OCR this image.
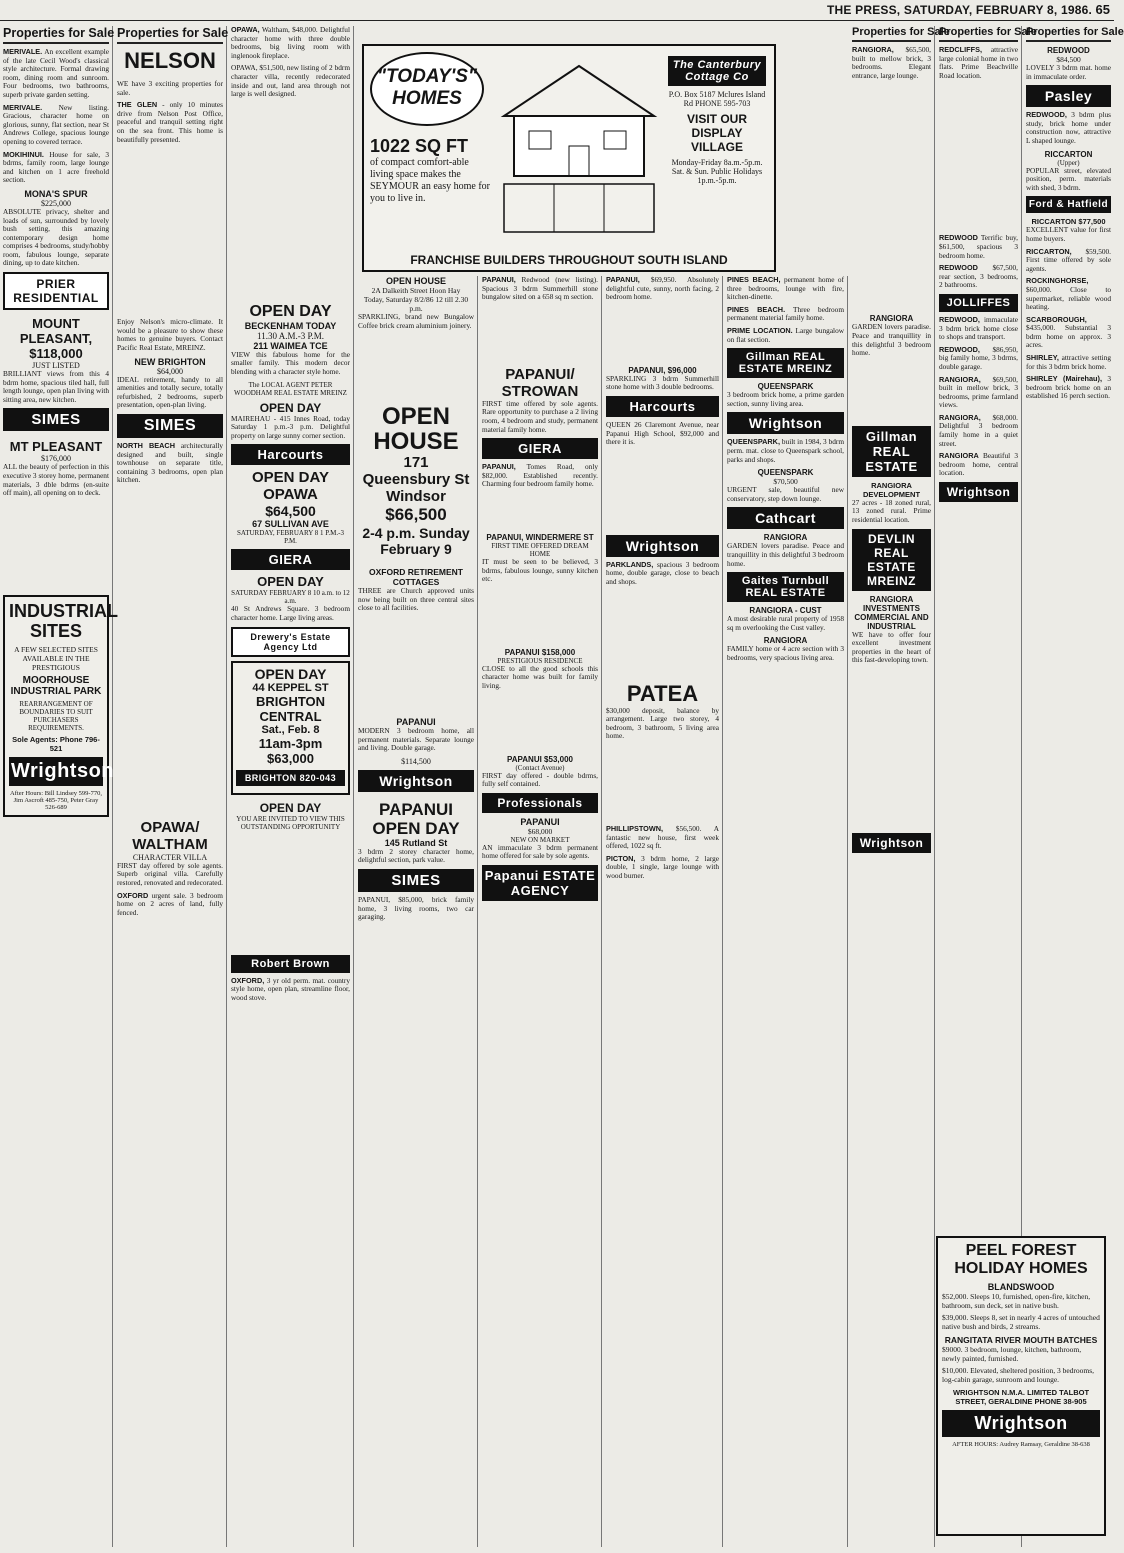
THE PRESS, SATURDAY, FEBRUARY 8, 1986. 65
Properties for Sale

MERIVALE. An excellent example of the late Cecil Wood's classical style architecture. Formal drawing room, dining room and sunroom. Four bedrooms, two bathrooms, superb private garden setting.

MERIVALE. New listing. Gracious, character home on glorious, sunny, flat section, near St Andrews College, spacious lounge opening to covered terrace.

MOKIHINUI. House for sale, 3 bdrms, family room, large lounge and kitchen on 1 acre freehold section.

MONA'S SPUR
$225,000

ABSOLUTE privacy, shelter and loads of sun, surrounded by lovely bush setting, this amazing contemporary design home comprises 4 bedrooms, study/hobby room, fabulous lounge, separate dining, up to date kitchen.

PRIER RESIDENTIAL
MOUNT PLEASANT, $118,000
JUST LISTED

BRILLIANT views from this 4 bdrm home, spacious tiled hall, full length lounge, open plan living with sitting area, new kitchen.

SIMES
MT PLEASANT
$176,000

ALL the beauty of perfection in this executive 3 storey home, permanent materials, 3 dble bdrms (en-suite off main), all opening on to deck.

INDUSTRIAL SITES
A FEW SELECTED SITES AVAILABLE IN THE PRESTIGIOUS
MOORHOUSE INDUSTRIAL PARK
REARRANGEMENT OF BOUNDARIES TO SUIT PURCHASERS REQUIREMENTS.
Sole Agents: Phone 796-521
Wrightson
After Hours: Bill Lindsey 599-770, Jim Ascroft 485-750, Peter Gray 526-689
Properties for Sale
NELSON

WE have 3 exciting properties for sale.

THE GLEN - only 10 minutes drive from Nelson Post Office, peaceful and tranquil setting right on the sea front. This home is beautifully presented.

Enjoy Nelson's micro-climate. It would be a pleasure to show these homes to genuine buyers. Contact Pacific Real Estate, MREINZ.

NEW BRIGHTON
$64,000

IDEAL retirement, handy to all amenities and totally secure, totally refurbished, 2 bedrooms, superb presentation, open-plan living.

SIMES

NORTH BEACH architecturally designed and built, single townhouse on separate title, containing 3 bedrooms, open plan kitchen.

OPAWA/ WALTHAM
CHARACTER VILLA

FIRST day offered by sole agents. Superb original villa. Carefully restored, renovated and redecorated.

OXFORD urgent sale. 3 bedroom home on 2 acres of land, fully fenced.

OPAWA, Waltham, $48,000. Delightful character home with three double bedrooms, big living room with inglenook fireplace.

OPAWA, $51,500, new listing of 2 bdrm character villa, recently redecorated inside and out, land area through not large is well designed.

OPEN DAY
BECKENHAM TODAY
11.30 A.M.-3 P.M.
211 WAIMEA TCE

VIEW this fabulous home for the smaller family. This modern decor blending with a character style home.

The LOCAL AGENT PETER WOODHAM REAL ESTATE MREINZ
OPEN DAY

MAIREHAU - 415 Innes Road, today Saturday 1 p.m.-3 p.m. Delightful property on large sunny corner section.

Harcourts
OPEN DAY OPAWA
$64,500
67 SULLIVAN AVE
SATURDAY, FEBRUARY 8 1 P.M.-3 P.M.
GIERA
OPEN DAY
SATURDAY FEBRUARY 8 10 a.m. to 12 a.m.

40 St Andrews Square. 3 bedroom character home. Large living areas.

Drewery's Estate Agency Ltd
OPEN DAY
44 KEPPEL ST
BRIGHTON CENTRAL
Sat., Feb. 8
11am-3pm
$63,000
BRIGHTON 820-043
OPEN DAY
YOU ARE INVITED TO VIEW THIS OUTSTANDING OPPORTUNITY
Robert Brown

OXFORD, 3 yr old perm. mat. country style home, open plan, streamline floor, wood stove.

"TODAY'S" HOMES
1022 SQ FT
of compact comfort-able living space makes the SEYMOUR an easy home for you to live in.
The Canterbury Cottage Co
P.O. Box 5187 Mclures Island Rd PHONE 595-703
VISIT OUR DISPLAY VILLAGE
Monday-Friday 8a.m.-5p.m. Sat. & Sun. Public Holidays 1p.m.-5p.m.
FRANCHISE BUILDERS THROUGHOUT SOUTH ISLAND
OPEN HOUSE
2A Dalkeith Street Hoon Hay
Today, Saturday 8/2/86 12 till 2.30 p.m.

SPARKLING, brand new Bungalow Coffee brick cream aluminium joinery.

OPEN HOUSE
171 Queensbury St Windsor
$66,500
2-4 p.m. Sunday
February 9
OXFORD RETIREMENT COTTAGES

THREE are Church approved units now being built on three central sites close to all facilities.

PAPANUI

MODERN 3 bedroom home, all permanent materials. Separate lounge and living. Double garage.

$114,500
Wrightson
PAPANUI OPEN DAY
145 Rutland St

3 bdrm 2 storey character home, delightful section, park value.

SIMES

PAPANUI, $85,000, brick family home, 3 living rooms, two car garaging.

PAPANUI, Redwood (new listing). Spacious 3 bdrm Summerhill stone bungalow sited on a 658 sq m section.

PAPANUI/ STROWAN

FIRST time offered by sole agents. Rare opportunity to purchase a 2 living room, 4 bedroom and study, permanent material family home.

GIERA

PAPANUI, Tomes Road, only $82,000. Established recently. Charming four bedroom family home.

PAPANUI, WINDERMERE ST
FIRST TIME OFFERED DREAM HOME

IT must be seen to be believed, 3 bdrms, fabulous lounge, sunny kitchen etc.

PAPANUI $158,000
PRESTIGIOUS RESIDENCE

CLOSE to all the good schools this character home was built for family living.

PAPANUI $53,000
(Contact Avenue)

FIRST day offered - double bdrms, fully self contained.

Professionals
PAPANUI
$68,000
NEW ON MARKET

AN immaculate 3 bdrm permanent home offered for sale by sole agents.

Papanui ESTATE AGENCY

PAPANUI, $69,950. Absolutely delightful cute, sunny, north facing, 2 bedroom home.

PAPANUI, $96,000

SPARKLING 3 bdrm Summerhill stone home with 3 double bedrooms.

Harcourts

QUEEN 26 Claremont Avenue, near Papanui High School, $92,000 and there it is.

Wrightson

PARKLANDS, spacious 3 bedroom home, double garage, close to beach and shops.

PATEA

$30,000 deposit, balance by arrangement. Large two storey, 4 bedroom, 3 bathroom, 5 living area home.

PHILLIPSTOWN, $56,500. A fantastic new house, first week offered, 1022 sq ft.

PICTON, 3 bdrm home, 2 large double, 1 single, large lounge with wood burner.

PINES BEACH, permanent home of three bedrooms, lounge with fire, kitchen-dinette.

PINES BEACH. Three bedroom permanent material family home.

PRIME LOCATION. Large bungalow on flat section.

Gillman REAL ESTATE MREINZ
QUEENSPARK

3 bedroom brick home, a prime garden section, sunny living area.

Wrightson

QUEENSPARK, built in 1984, 3 bdrm perm. mat. close to Queenspark school, parks and shops.

QUEENSPARK
$70,500

URGENT sale, beautiful new conservatory, step down lounge.

Cathcart
RANGIORA

GARDEN lovers paradise. Peace and tranquillity in this delightful 3 bedroom home.

Gaites Turnbull REAL ESTATE
RANGIORA - CUST

A most desirable rural property of 1958 sq m overlooking the Cust valley.

RANGIORA

FAMILY home or 4 acre section with 3 bedrooms, very spacious living area.

Properties for Sale

RANGIORA, $65,500, built to mellow brick, 3 bedrooms. Elegant entrance, large lounge.

RANGIORA

GARDEN lovers paradise. Peace and tranquillity in this delightful 3 bedroom home.

Gillman REAL ESTATE
RANGIORA DEVELOPMENT

27 acres - 18 zoned rural, 13 zoned rural. Prime residential location.

DEVLIN REAL ESTATE MREINZ
RANGIORA INVESTMENTS COMMERCIAL AND INDUSTRIAL

WE have to offer four excellent investment properties in the heart of this fast-developing town.

Wrightson
Properties for Sale

REDCLIFFS, attractive large colonial home in two flats. Prime Beachville Road location.

REDWOOD Terrific buy, $61,500, spacious 3 bedroom home.

REDWOOD $67,500, rear section, 3 bedrooms, 2 bathrooms.

JOLLIFFES

REDWOOD, immaculate 3 bdrm brick home close to shops and transport.

REDWOOD, $86,950, big family home, 3 bdrms, double garage.

RANGIORA, $69,500, built in mellow brick, 3 bedrooms, prime farmland views.

RANGIORA, $68,000. Delightful 3 bedroom family home in a quiet street.

RANGIORA Beautiful 3 bedroom home, central location.

Wrightson
Properties for Sale
REDWOOD
$84,500

LOVELY 3 bdrm mat. home in immaculate order.

Pasley

REDWOOD, 3 bdrm plus study, brick home under construction now, attractive L shaped lounge.

RICCARTON
(Upper)

POPULAR street, elevated position, perm. materials with shed, 3 bdrm.

Ford & Hatfield
RICCARTON $77,500

EXCELLENT value for first home buyers.

RICCARTON, $59,500. First time offered by sole agents.

ROCKINGHORSE, $60,000. Close to supermarket, reliable wood heating.

SCARBOROUGH, $435,000. Substantial 3 bdrm home on approx. 3 acres.

SHIRLEY, attractive setting for this 3 bdrm brick home.

SHIRLEY (Mairehau), 3 bedroom brick home on an established 16 perch section.

PEEL FOREST HOLIDAY HOMES
BLANDSWOOD
$52,000. Sleeps 10, furnished, open-fire, kitchen, bathroom, sun deck, set in native bush.
$39,000. Sleeps 8, set in nearly 4 acres of untouched native bush and birds, 2 streams.
RANGITATA RIVER MOUTH BATCHES
$9000. 3 bedroom, lounge, kitchen, bathroom, newly painted, furnished.
$10,000. Elevated, sheltered position, 3 bedrooms, log-cabin garage, sunroom and lounge.
WRIGHTSON N.M.A. LIMITED TALBOT STREET, GERALDINE PHONE 38-905
Wrightson
AFTER HOURS: Audrey Ramsay, Geraldine 38-638
